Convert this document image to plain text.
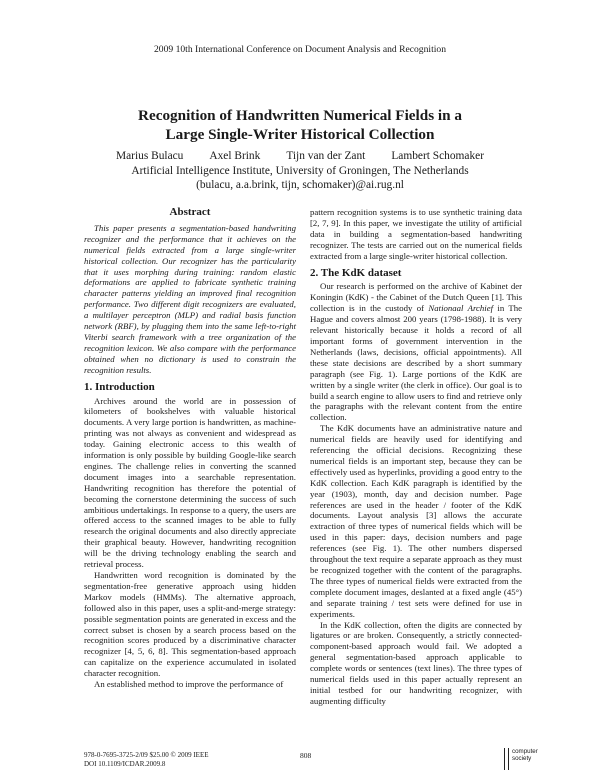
2009 10th International Conference on Document Analysis and Recognition
Recognition of Handwritten Numerical Fields in a
Large Single-Writer Historical Collection
Marius Bulacu Axel Brink Tijn van der Zant Lambert Schomaker
Artificial Intelligence Institute, University of Groningen, The Netherlands
(bulacu, a.a.brink, tijn, schomaker)@ai.rug.nl
Abstract

This paper presents a segmentation-based handwriting recognizer and the performance that it achieves on the numerical fields extracted from a large single-writer historical collection. Our recognizer has the particularity that it uses morphing during training: random elastic deformations are applied to fabricate synthetic training character patterns yielding an improved final recognition performance. Two different digit recognizers are evaluated, a multilayer perceptron (MLP) and radial basis function network (RBF), by plugging them into the same left-to-right Viterbi search framework with a tree organization of the recognition lexicon. We also compare with the performance obtained when no dictionary is used to constrain the recognition results.

1. Introduction

Archives around the world are in possession of kilometers of bookshelves with valuable historical documents. A very large portion is handwritten, as machine-printing was not always as convenient and widespread as today. Gaining electronic access to this wealth of information is only possible by building Google-like search engines. The challenge relies in converting the scanned document images into a searchable representation. Handwriting recognition has therefore the potential of becoming the cornerstone determining the success of such ambitious undertakings. In response to a query, the users are offered access to the scanned images to be able to fully research the original documents and also directly appreciate their graphical beauty. However, handwriting recognition will be the driving technology enabling the search and retrieval process.

Handwritten word recognition is dominated by the segmentation-free generative approach using hidden Markov models (HMMs). The alternative approach, followed also in this paper, uses a split-and-merge strategy: possible segmentation points are generated in excess and the correct subset is chosen by a search process based on the recognition scores produced by a discriminative character recognizer [4, 5, 6, 8]. This segmentation-based approach can capitalize on the experience accumulated in isolated character recognition.

An established method to improve the performance of

pattern recognition systems is to use synthetic training data [2, 7, 9]. In this paper, we investigate the utility of artificial data in building a segmentation-based handwriting recognizer. The tests are carried out on the numerical fields extracted from a large single-writer historical collection.

2. The KdK dataset

Our research is performed on the archive of Kabinet der Koningin (KdK) - the Cabinet of the Dutch Queen [1]. This collection is in the custody of Nationaal Archief in The Hague and covers almost 200 years (1798-1988). It is very relevant historically because it holds a record of all important forms of government intervention in the Netherlands (laws, decisions, official appointments). All these state decisions are described by a short summary paragraph (see Fig. 1). Large portions of the KdK are written by a single writer (the clerk in office). Our goal is to build a search engine to allow users to find and retrieve only the paragraphs with the relevant content from the entire collection.

The KdK documents have an administrative nature and numerical fields are heavily used for identifying and referencing the official decisions. Recognizing these numerical fields is an important step, because they can be effectively used as hyperlinks, providing a good entry to the KdK collection. Each KdK paragraph is identified by the year (1903), month, day and decision number. Page references are used in the header / footer of the KdK documents. Layout analysis [3] allows the accurate extraction of three types of numerical fields which will be used in this paper: days, decision numbers and page references (see Fig. 1). The other numbers dispersed throughout the text require a separate approach as they must be recognized together with the content of the paragraphs. The three types of numerical fields were extracted from the complete document images, deslanted at a fixed angle (45°) and separate training / test sets were defined for use in experiments.

In the KdK collection, often the digits are connected by ligatures or are broken. Consequently, a strictly connected-component-based approach would fail. We adopted a general segmentation-based approach applicable to complete words or sentences (text lines). The three types of numerical fields used in this paper actually represent an initial testbed for our handwriting recognizer, with augmenting difficulty

978-0-7695-3725-2/09 $25.00 © 2009 IEEE
DOI 10.1109/ICDAR.2009.8
808	computer
society
